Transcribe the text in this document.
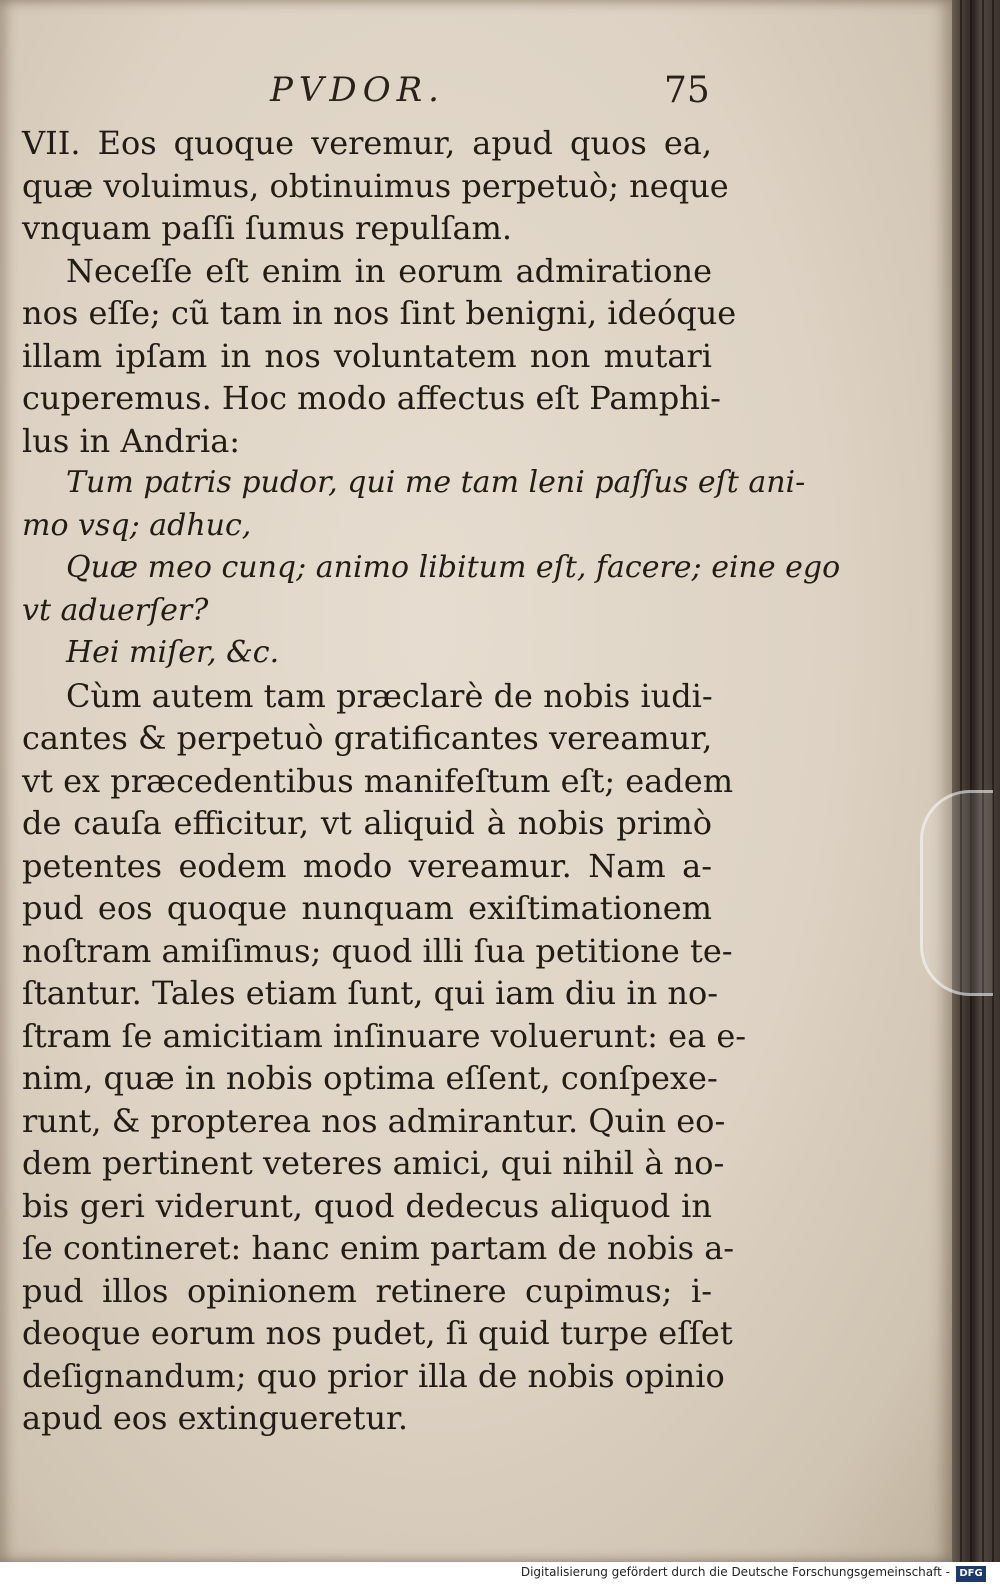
PVDOR.	75
VII. Eos quoque veremur, apud quos ea,
quæ voluimus, obtinuimus perpetuò; neque
vnquam paſſi ſumus repulſam.
Neceſſe eſt enim in eorum admiratione
nos eſſe; cũ tam in nos ſint benigni, ideóque
illam ipſam in nos voluntatem non mutari
cuperemus. Hoc modo affectus eſt Pamphi-
lus in Andria:
Tum patris pudor, qui me tam leni paſſus eſt ani-
mo vsq; adhuc,
Quæ meo cunq; animo libitum eſt, facere; eine ego
vt aduerſer?
Hei miſer, &c.
Cùm autem tam præclarè de nobis iudi-
cantes & perpetuò gratificantes vereamur,
vt ex præcedentibus manifeſtum eſt; eadem
de cauſa efficitur, vt aliquid à nobis primò
petentes eodem modo vereamur. Nam a-
pud eos quoque nunquam exiſtimationem
noſtram amiſimus; quod illi ſua petitione te-
ſtantur. Tales etiam ſunt, qui iam diu in no-
ſtram ſe amicitiam inſinuare voluerunt: ea e-
nim, quæ in nobis optima eſſent, conſpexe-
runt, & propterea nos admirantur. Quin eo-
dem pertinent veteres amici, qui nihil à no-
bis geri viderunt, quod dedecus aliquod in
ſe contineret: hanc enim partam de nobis a-
pud illos opinionem retinere cupimus; i-
deoque eorum nos pudet, ſi quid turpe eſſet
deſignandum; quo prior illa de nobis opinio
apud eos extingueretur.
Digitalisierung gefördert durch die Deutsche Forschungsgemeinschaft - DFG
